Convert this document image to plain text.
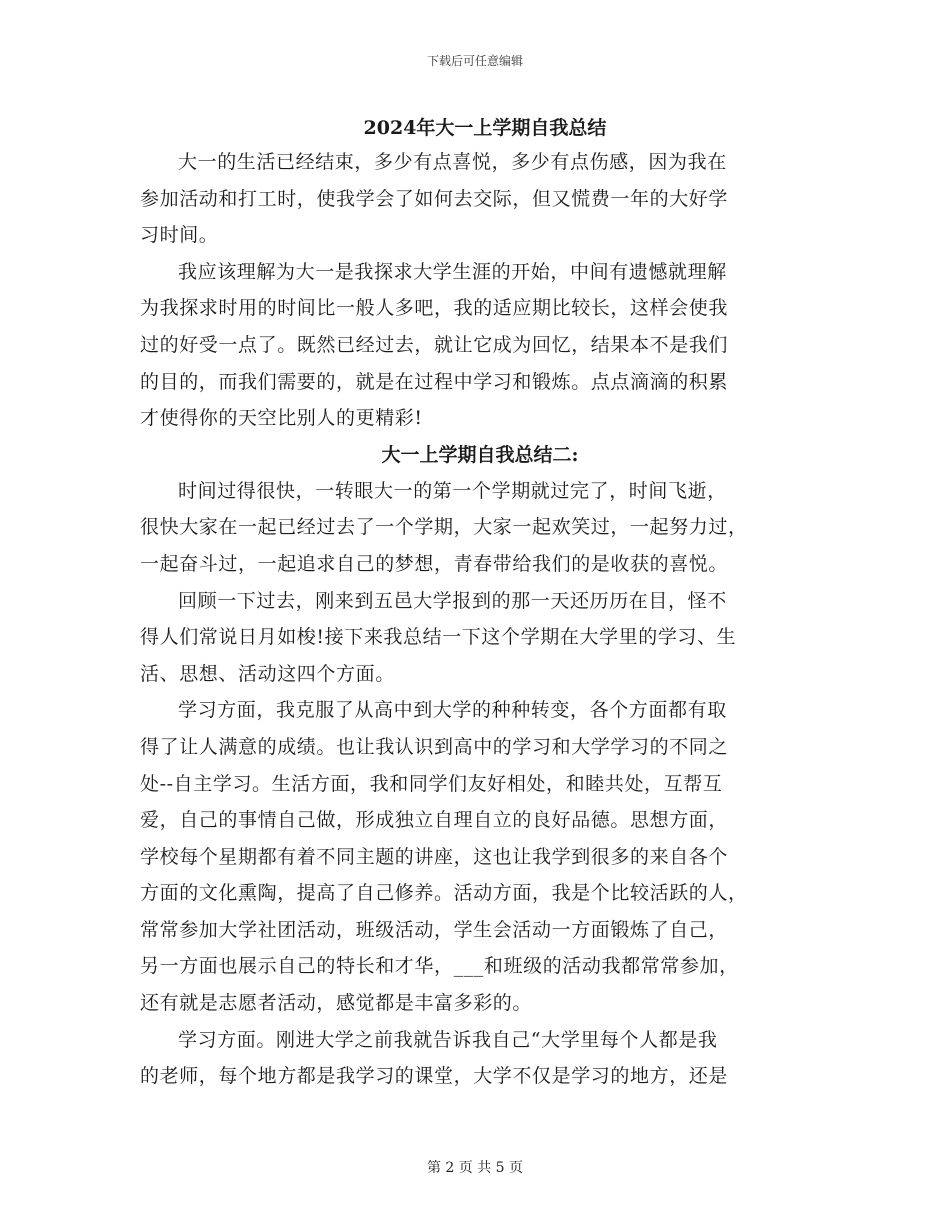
下载后可任意编辑
2024年大一上学期自我总结

大一的生活已经结束，多少有点喜悦，多少有点伤感，因为我在
参加活动和打工时，使我学会了如何去交际，但又慌费一年的大好学
习时间。

我应该理解为大一是我探求大学生涯的开始，中间有遗憾就理解
为我探求时用的时间比一般人多吧，我的适应期比较长，这样会使我
过的好受一点了。既然已经过去，就让它成为回忆，结果本不是我们
的目的，而我们需要的，就是在过程中学习和锻炼。点点滴滴的积累
才使得你的天空比别人的更精彩!

大一上学期自我总结二:

时间过得很快，一转眼大一的第一个学期就过完了，时间飞逝，
很快大家在一起已经过去了一个学期，大家一起欢笑过，一起努力过，
一起奋斗过，一起追求自己的梦想，青春带给我们的是收获的喜悦。

回顾一下过去，刚来到五邑大学报到的那一天还历历在目，怪不
得人们常说日月如梭!接下来我总结一下这个学期在大学里的学习、生
活、思想、活动这四个方面。

学习方面，我克服了从高中到大学的种种转变，各个方面都有取
得了让人满意的成绩。也让我认识到高中的学习和大学学习的不同之
处--自主学习。生活方面，我和同学们友好相处，和睦共处，互帮互
爱，自己的事情自己做，形成独立自理自立的良好品德。思想方面，
学校每个星期都有着不同主题的讲座，这也让我学到很多的来自各个
方面的文化熏陶，提高了自己修养。活动方面，我是个比较活跃的人，
常常参加大学社团活动，班级活动，学生会活动一方面锻炼了自己，
另一方面也展示自己的特长和才华，___和班级的活动我都常常参加，
还有就是志愿者活动，感觉都是丰富多彩的。

学习方面。刚进大学之前我就告诉我自己“大学里每个人都是我
的老师，每个地方都是我学习的课堂，大学不仅是学习的地方，还是

第 2 页 共 5 页
